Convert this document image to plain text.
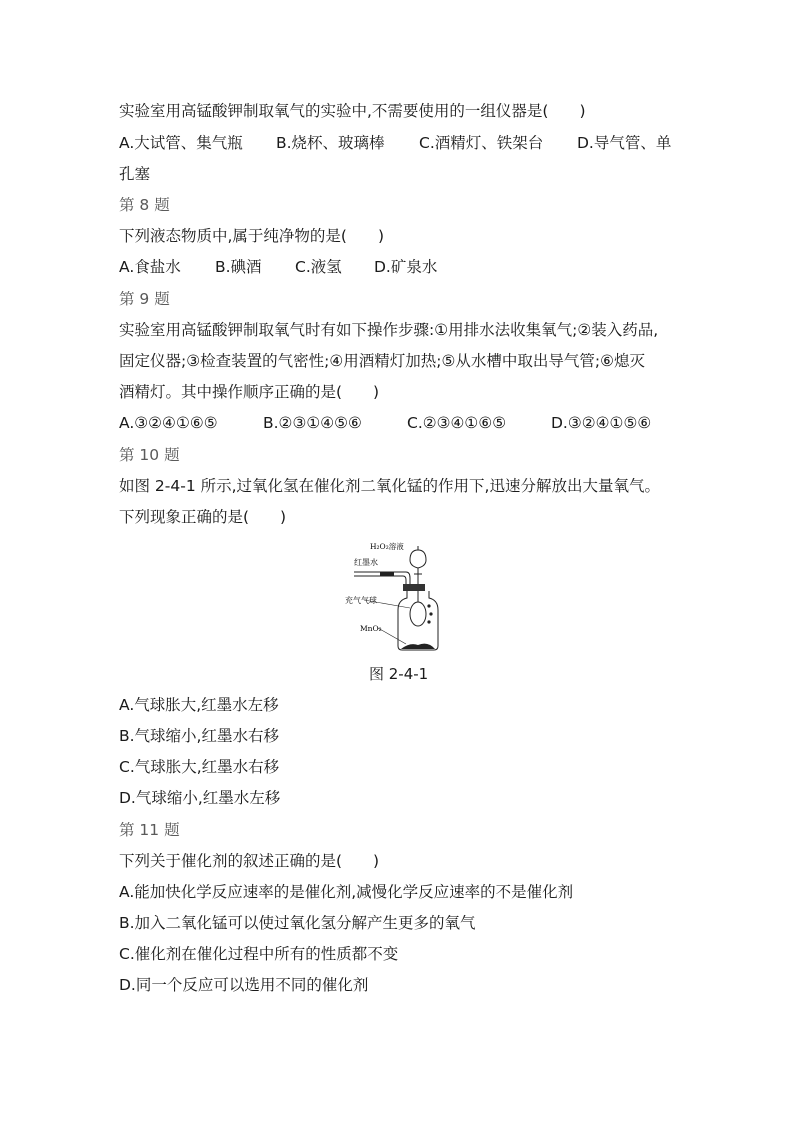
实验室用高锰酸钾制取氧气的实验中,不需要使用的一组仪器是(　　)
A.大试管、集气瓶	B.烧杯、玻璃棒	C.酒精灯、铁架台	D.导气管、单
孔塞
第 8 题
下列液态物质中,属于纯净物的是(　　)
A.食盐水	B.碘酒	C.液氢	D.矿泉水
第 9 题
实验室用高锰酸钾制取氧气时有如下操作步骤:①用排水法收集氧气;②装入药品,
固定仪器;③检查装置的气密性;④用酒精灯加热;⑤从水槽中取出导气管;⑥熄灭
酒精灯。其中操作顺序正确的是(　　)
A.③②④①⑥⑤	B.②③①④⑤⑥	C.②③④①⑥⑤	D.③②④①⑤⑥
第 10 题
如图 2-4-1 所示,过氧化氢在催化剂二氧化锰的作用下,迅速分解放出大量氧气。
下列现象正确的是(　　)
H₂O₂溶液
红墨水
充气气球
MnO₂
图 2-4-1
A.气球胀大,红墨水左移
B.气球缩小,红墨水右移
C.气球胀大,红墨水右移
D.气球缩小,红墨水左移
第 11 题
下列关于催化剂的叙述正确的是(　　)
A.能加快化学反应速率的是催化剂,减慢化学反应速率的不是催化剂
B.加入二氧化锰可以使过氧化氢分解产生更多的氧气
C.催化剂在催化过程中所有的性质都不变
D.同一个反应可以选用不同的催化剂
